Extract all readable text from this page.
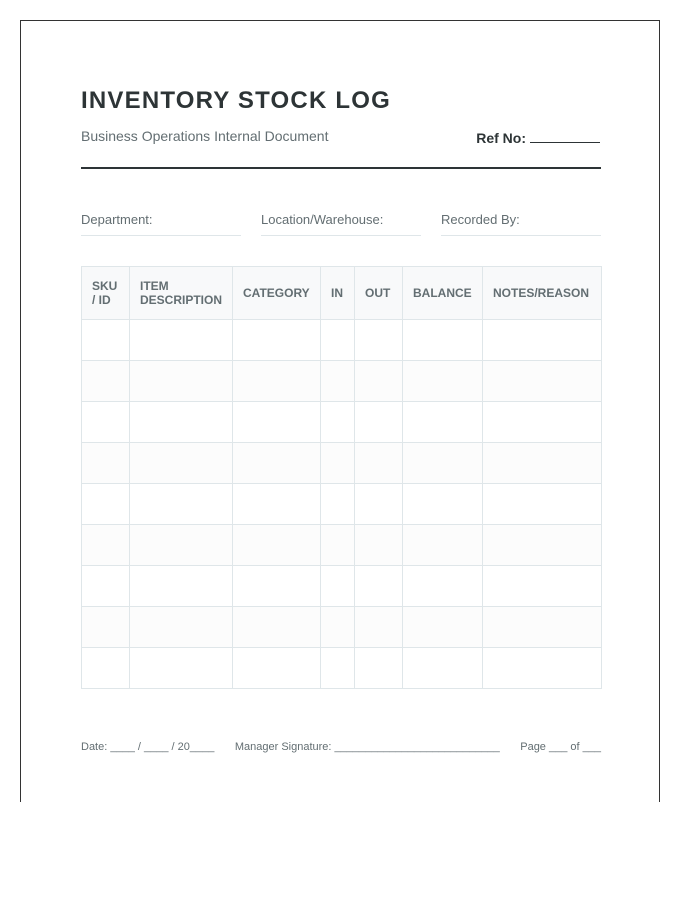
INVENTORY STOCK LOG
Business Operations Internal Document	Ref No:
Department:	Location/Warehouse:	Recorded By:
SKU / ID	ITEM DESCRIPTION	CATEGORY	IN	OUT	BALANCE	NOTES/REASON

Date: ____ / ____ / 20____ Manager Signature: ___________________________ Page ___ of ___
